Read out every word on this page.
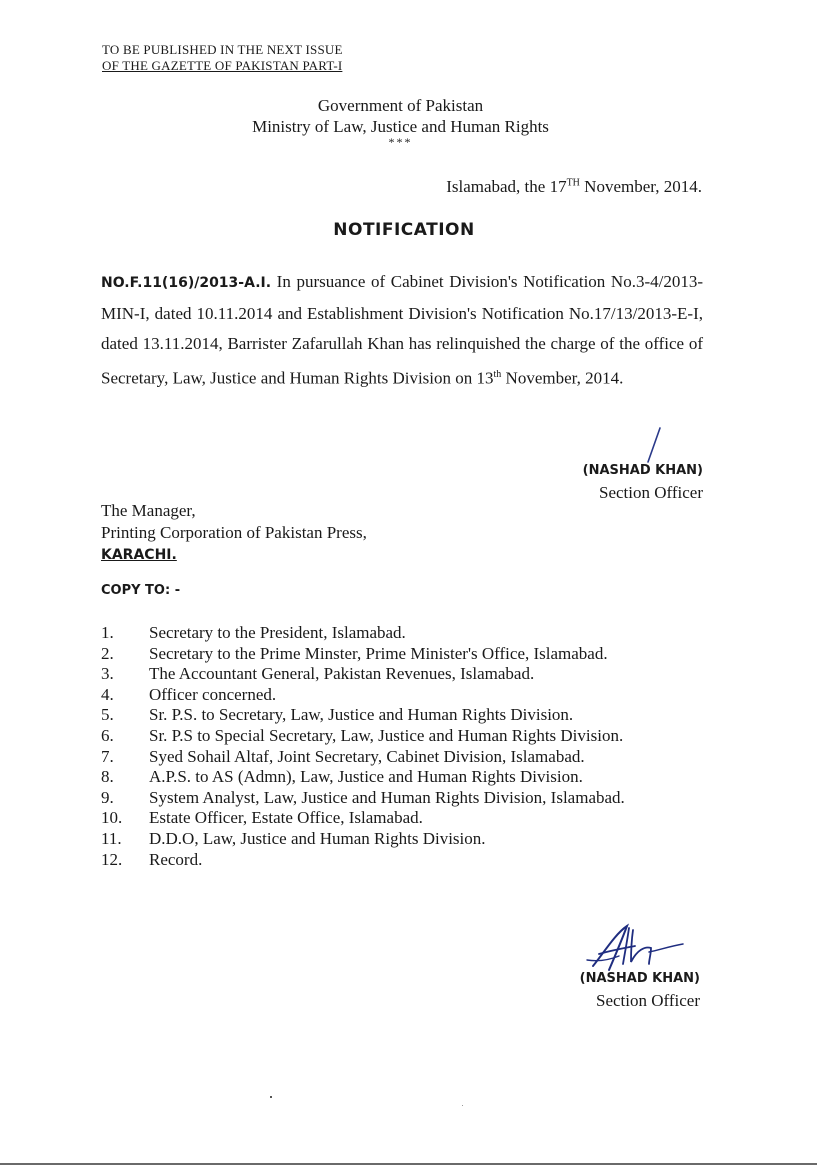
TO BE PUBLISHED IN THE NEXT ISSUE
OF THE GAZETTE OF PAKISTAN PART-I
Government of Pakistan
Ministry of Law, Justice and Human Rights
***
Islamabad, the 17TH November, 2014.
NOTIFICATION
NO.F.11(16)/2013-A.I. In pursuance of Cabinet Division's Notification No.3-4/2013-MIN-I, dated 10.11.2014 and Establishment Division's Notification No.17/13/2013-E-I, dated 13.11.2014, Barrister Zafarullah Khan has relinquished the charge of the office of Secretary, Law, Justice and Human Rights Division on 13th November, 2014.
(NASHAD KHAN)
Section Officer
The Manager,
Printing Corporation of Pakistan Press,
KARACHI.
COPY TO: -
1.	Secretary to the President, Islamabad.
2.	Secretary to the Prime Minster, Prime Minister's Office, Islamabad.
3.	The Accountant General, Pakistan Revenues, Islamabad.
4.	Officer concerned.
5.	Sr. P.S. to Secretary, Law, Justice and Human Rights Division.
6.	Sr. P.S to Special Secretary, Law, Justice and Human Rights Division.
7.	Syed Sohail Altaf, Joint Secretary, Cabinet Division, Islamabad.
8.	A.P.S. to AS (Admn), Law, Justice and Human Rights Division.
9.	System Analyst, Law, Justice and Human Rights Division, Islamabad.
10.	Estate Officer, Estate Office, Islamabad.
11.	D.D.O, Law, Justice and Human Rights Division.
12.	Record.
(NASHAD KHAN)
Section Officer
